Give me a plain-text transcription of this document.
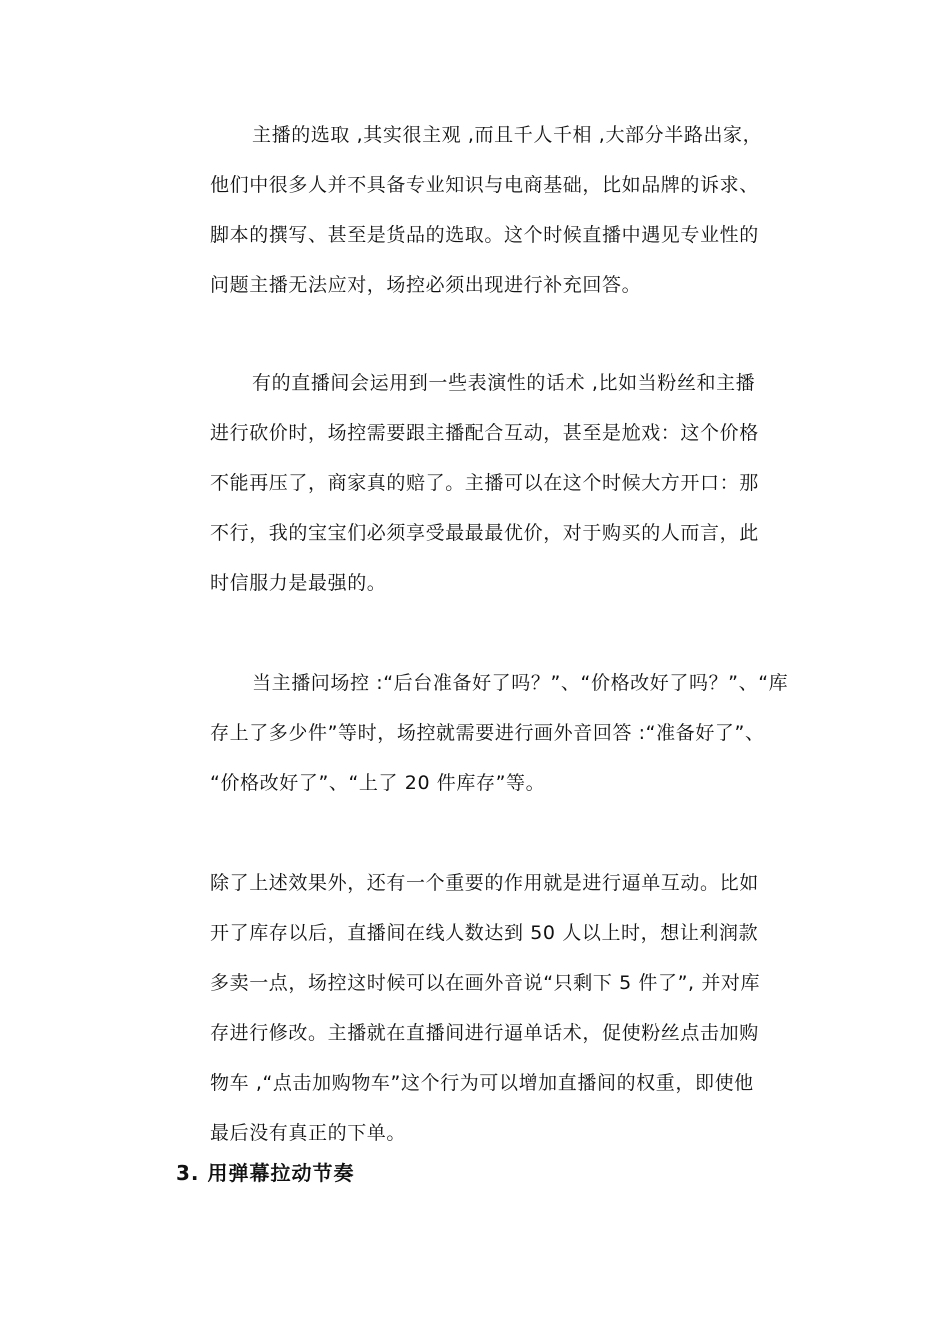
主播的选取 ,其实很主观 ,而且千人千相 ,大部分半路出家，
他们中很多人并不具备专业知识与电商基础，比如品牌的诉求、
脚本的撰写、甚至是货品的选取。这个时候直播中遇见专业性的
问题主播无法应对，场控必须出现进行补充回答。
有的直播间会运用到一些表演性的话术 ,比如当粉丝和主播
进行砍价时，场控需要跟主播配合互动，甚至是尬戏：这个价格
不能再压了，商家真的赔了。主播可以在这个时候大方开口：那
不行，我的宝宝们必须享受最最最优价，对于购买的人而言，此
时信服力是最强的。
当主播问场控 :“后台准备好了吗？”、“价格改好了吗？”、“库
存上了多少件”等时，场控就需要进行画外音回答 :“准备好了”、
“价格改好了”、“上了 20 件库存”等。
除了上述效果外，还有一个重要的作用就是进行逼单互动。比如
开了库存以后，直播间在线人数达到 50 人以上时，想让利润款
多卖一点，场控这时候可以在画外音说“只剩下 5 件了”, 并对库
存进行修改。主播就在直播间进行逼单话术，促使粉丝点击加购
物车 ,“点击加购物车”这个行为可以增加直播间的权重，即使他
最后没有真正的下单。
3. 用弹幕拉动节奏
